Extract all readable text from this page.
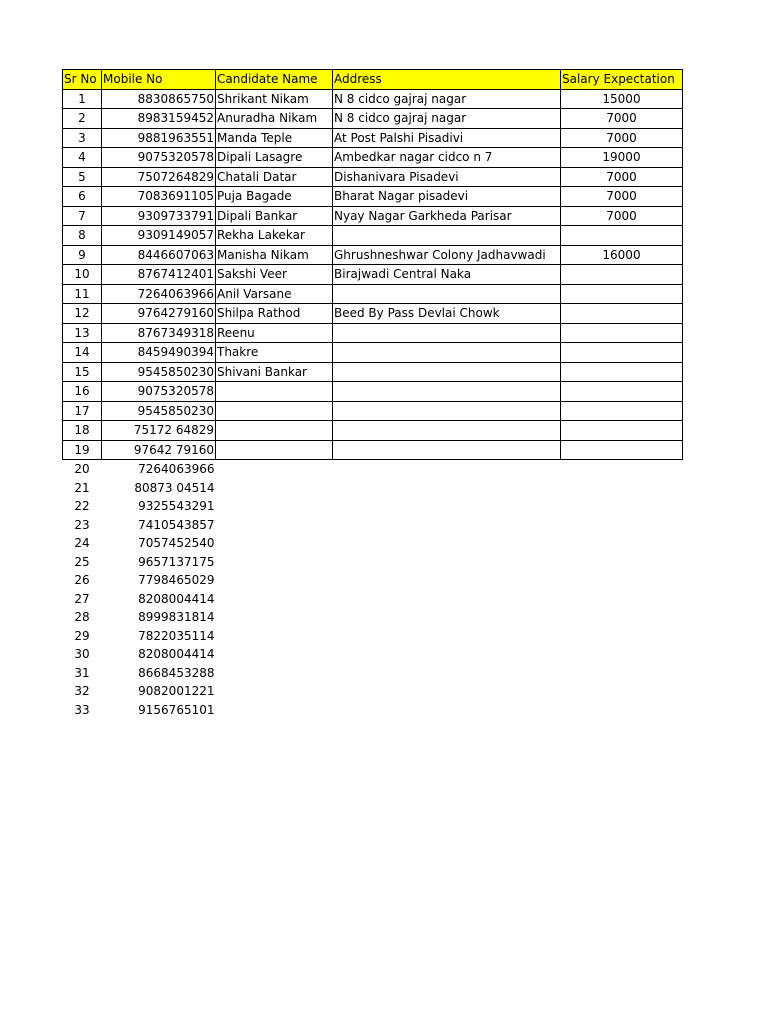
Sr No	Mobile No	Candidate Name	Address	Salary Expectation
1	8830865750	Shrikant Nikam	N 8 cidco gajraj nagar	15000
2	8983159452	Anuradha Nikam	N 8 cidco gajraj nagar	7000
3	9881963551	Manda Teple	At Post Palshi Pisadivi	7000
4	9075320578	Dipali Lasagre	Ambedkar nagar cidco n 7	19000
5	7507264829	Chatali Datar	Dishanivara Pisadevi	7000
6	7083691105	Puja Bagade	Bharat Nagar pisadevi	7000
7	9309733791	Dipali Bankar	Nyay Nagar Garkheda Parisar	7000
8	9309149057	Rekha Lakekar		
9	8446607063	Manisha Nikam	Ghrushneshwar Colony Jadhavwadi	16000
10	8767412401	Sakshi Veer	Birajwadi Central Naka	
11	7264063966	Anil Varsane		
12	9764279160	Shilpa Rathod	Beed By Pass Devlai Chowk	
13	8767349318	Reenu		
14	8459490394	Thakre		
15	9545850230	Shivani Bankar		
16	9075320578			
17	9545850230			
18	75172 64829			
19	97642 79160			
20	7264063966			
21	80873 04514			
22	9325543291			
23	7410543857			
24	7057452540			
25	9657137175			
26	7798465029			
27	8208004414			
28	8999831814			
29	7822035114			
30	8208004414			
31	8668453288			
32	9082001221			
33	9156765101			
